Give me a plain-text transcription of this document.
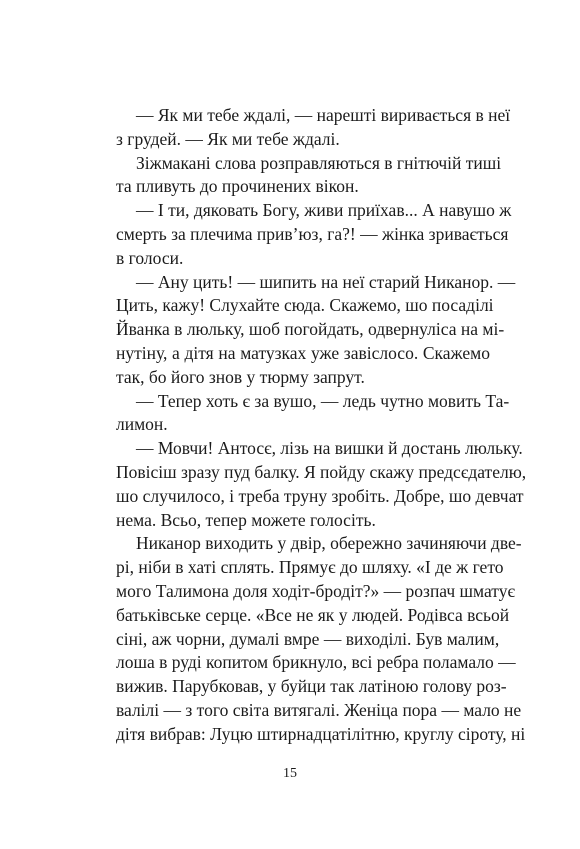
— Як ми тебе ждалі, — нарешті виривається в неї
з грудей. — Як ми тебе ждалі.
Зіжмакані слова розправляються в гнітючій тиші
та пливуть до прочинених вікон.
— І ти, дяковать Богу, живи приїхав... А навушо ж
смерть за плечима прив’юз, га?! — жінка зривається
в голоси.
— Ану цить! — шипить на неї старий Никанор. —
Цить, кажу! Слухайте сюда. Скажемо, шо посаділі
Йванка в люльку, шоб погойдать, одвернуліса на мі-
нутіну, а дітя на матузках уже завіслосо. Скажемо
так, бо його знов у тюрму запрут.
— Тепер хоть є за вушо, — ледь чутно мовить Та-
лимон.
— Мовчи! Антосє, лізь на вишки й достань люльку.
Повісіш зразу пуд балку. Я пойду скажу предсєдателю,
шо случилосо, і треба труну зробіть. Добре, шо девчат
нема. Всьо, тепер можете голосіть.
Никанор виходить у двір, обережно зачиняючи две-
рі, ніби в хаті сплять. Прямує до шляху. «І де ж гето
мого Талимона доля ходіт-бродіт?» — розпач шматує
батьківське серце. «Все не як у людей. Родівса всьой
сіні, аж чорни, думалі вмре — виходілі. Був малим,
лоша в руді копитом брикнуло, всі ребра поламало —
вижив. Парубковав, у буйци так латіною голову роз-
валілі — з того світа витягалі. Женіца пора — мало не
дітя вибрав: Луцю штирнадцатілітню, круглу сіроту, ні
15
